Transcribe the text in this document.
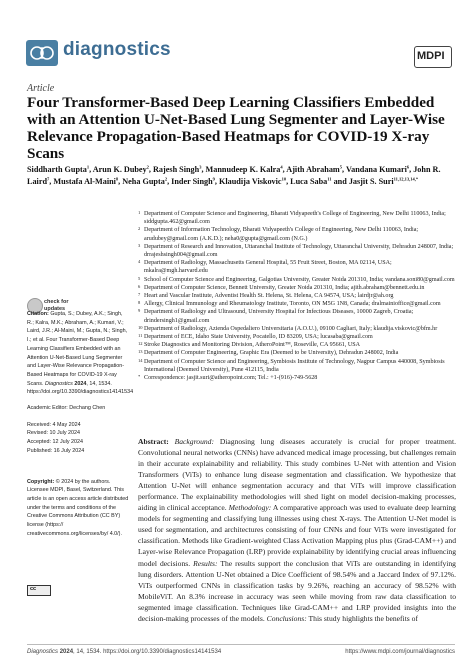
diagnostics	MDPI
Article
Four Transformer-Based Deep Learning Classifiers Embedded with an Attention U-Net-Based Lung Segmenter and Layer-Wise Relevance Propagation-Based Heatmaps for COVID-19 X-ray Scans
Siddharth Gupta$^1$, Arun K. Dubey$^2$, Rajesh Singh$^3$, Mannudeep K. Kalra$^4$, Ajith Abraham$^5$, Vandana Kumari$^6$, John R. Laird$^7$, Mustafa Al-Maini$^8$, Neha Gupta$^2$, Inder Singh$^9$, Klaudija Viskovic$^{10}$, Luca Saba$^{11}$ and Jasjit S. Suri$^{11,12,13,14,*}$
1 Department of Computer Science and Engineering, Bharati Vidyapeeth's College of Engineering, New Delhi 110063, India; siddgupta.462@gmail.com
2 Department of Information Technology, Bharati Vidyapeeth's College of Engineering, New Delhi 110063, India; arudubey@gmail.com (A.K.D.); neha0@gupta@gmail.com (N.G.)
3 Department of Research and Innovation, Uttaranchal Institute of Technology, Uttaranchal University, Dehradun 248007, India; drrajeshsingh004@gmail.com
4 Department of Radiology, Massachusetts General Hospital, 55 Fruit Street, Boston, MA 02114, USA; mkalra@mgh.harvard.edu
5 School of Computer Science and Engineering, Galgotias University, Greater Noida 201310, India; vandana.soni80@gmail.com
6 Department of Computer Science, Bennett University, Greater Noida 201310, India; ajith.abraham@bennett.edu.in
7 Heart and Vascular Institute, Adventist Health St. Helena, St. Helena, CA 94574, USA; lairdjr@ah.org
8 Allergy, Clinical Immunology and Rheumatology Institute, Toronto, ON M5G 1N8, Canada; dralmainioffice@gmail.com
9 Department of Radiology and Ultrasound, University Hospital for Infectious Diseases, 10000 Zagreb, Croatia; drindersingh1@gmail.com
10 Department of Radiology, Azienda Ospedaliero Universitaria (A.O.U.), 09100 Cagliari, Italy; klaudija.viskovic@bfm.hr
11 Department of ECE, Idaho State University, Pocatello, ID 83209, USA; lucasaba@gmail.com
12 Stroke Diagnostics and Monitoring Division, AtheroPoint™, Roseville, CA 95661, USA
13 Department of Computer Engineering, Graphic Era (Deemed to be University), Dehradun 248002, India
14 Department of Computer Science and Engineering, Symbiosis Institute of Technology, Nagpur Campus 440008, Symbiosis International (Deemed University), Pune 412115, India
* Correspondence: jasjit.suri@atheropoint.com; Tel.: +1-(916)-749-5628
check for
updates
Citation: Gupta, S.; Dubey, A.K.; Singh, R.; Kalra, M.K.; Abraham, A.; Kumari, V.; Laird, J.R.; Al-Maini, M.; Gupta, N.; Singh, I.; et al. Four Transformer-Based Deep Learning Classifiers Embedded with an Attention U-Net-Based Lung Segmenter and Layer-Wise Relevance Propagation-Based Heatmaps for COVID-19 X-ray Scans. Diagnostics 2024, 14, 1534. https://doi.org/10.3390/diagnostics14141534
Academic Editor: Dechang Chen
Received: 4 May 2024
Revised: 10 July 2024
Accepted: 12 July 2024
Published: 16 July 2024
Copyright: © 2024 by the authors. Licensee MDPI, Basel, Switzerland. This article is an open access article distributed under the terms and conditions of the Creative Commons Attribution (CC BY) license (https:// creativecommons.org/licenses/by/ 4.0/).
cc
Abstract: Background: Diagnosing lung diseases accurately is crucial for proper treatment. Convolutional neural networks (CNNs) have advanced medical image processing, but challenges remain in their accurate explainability and reliability. This study combines U-Net with attention and Vision Transformers (ViTs) to enhance lung disease segmentation and classification. We hypothesize that Attention U-Net will enhance segmentation accuracy and that ViTs will improve classification performance. The explainability methodologies will shed light on model decision-making processes, aiding in clinical acceptance. Methodology: A comparative approach was used to evaluate deep learning models for segmenting and classifying lung illnesses using chest X-rays. The Attention U-Net model is used for segmentation, and architectures consisting of four CNNs and four ViTs were investigated for classification. Methods like Gradient-weighted Class Activation Mapping plus plus (Grad-CAM++) and Layer-wise Relevance Propagation (LRP) provide explainability by identifying crucial areas influencing model decisions. Results: The results support the conclusion that ViTs are outstanding in identifying lung disorders. Attention U-Net obtained a Dice Coefficient of 98.54% and a Jaccard Index of 97.12%. ViTs outperformed CNNs in classification tasks by 9.26%, reaching an accuracy of 98.52% with MobileViT. An 8.3% increase in accuracy was seen while moving from raw data classification to segmented image classification. Techniques like Grad-CAM++ and LRP provided insights into the decision-making processes of the models. Conclusions: This study highlights the benefits of
Diagnostics 2024, 14, 1534. https://doi.org/10.3390/diagnostics14141534	https://www.mdpi.com/journal/diagnostics
